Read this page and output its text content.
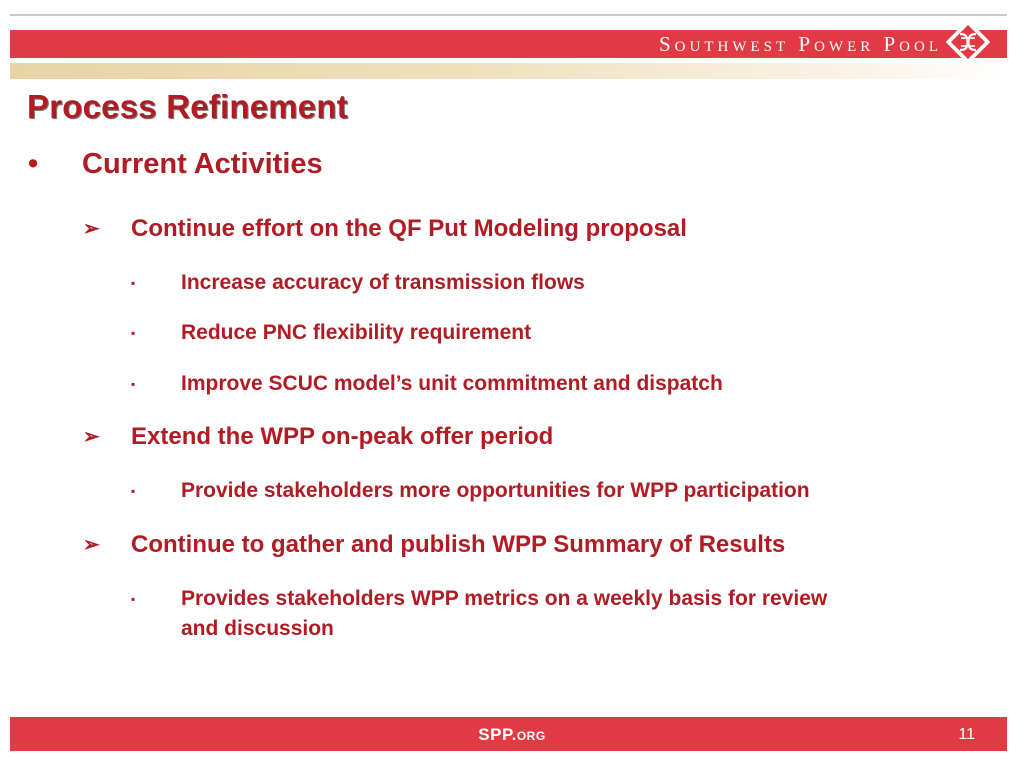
Southwest Power Pool
Process Refinement
• Current Activities
➢ Continue effort on the QF Put Modeling proposal
▪ Increase accuracy of transmission flows
▪ Reduce PNC flexibility requirement
▪ Improve SCUC model’s unit commitment and dispatch
➢ Extend the WPP on-peak offer period
▪ Provide stakeholders more opportunities for WPP participation
➢ Continue to gather and publish WPP Summary of Results
▪ Provides stakeholders WPP metrics on a weekly basis for review
and discussion
SPP.org	11
